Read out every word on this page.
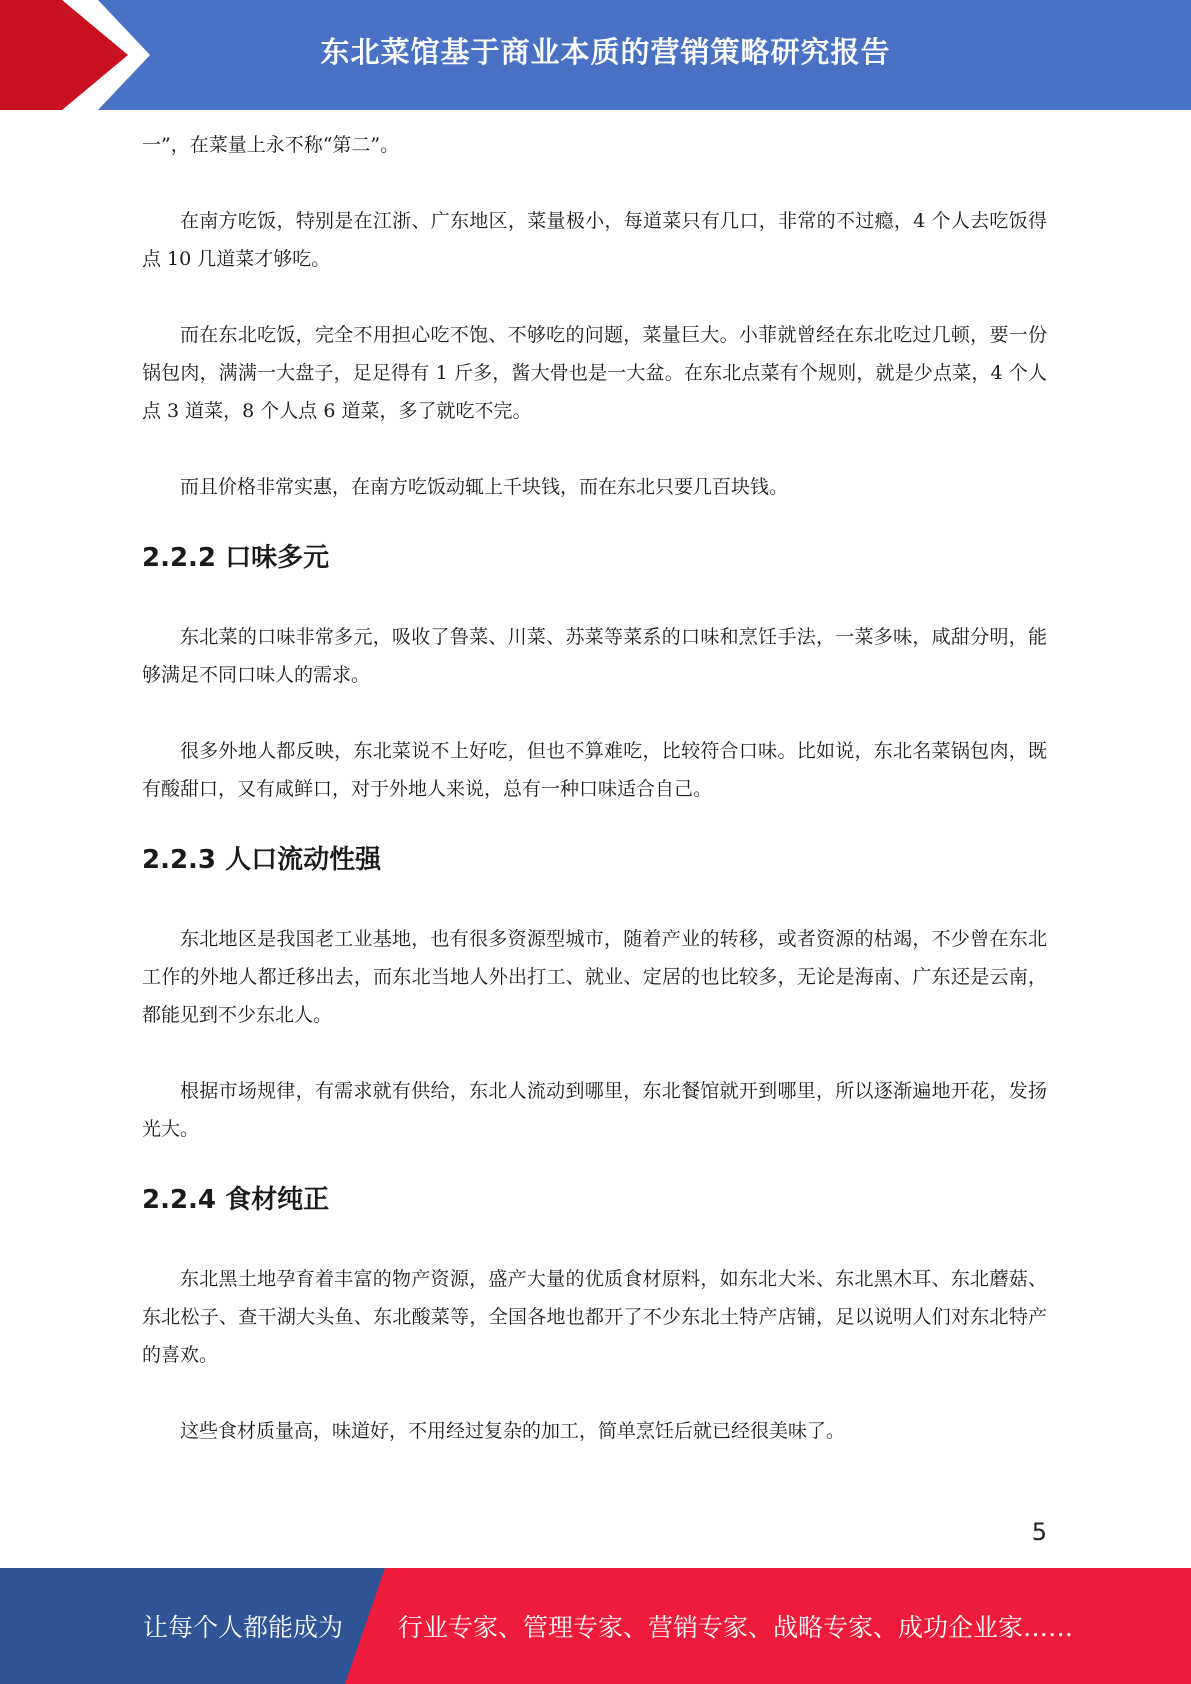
东北菜馆基于商业本质的营销策略研究报告

一”，在菜量上永不称“第二”。

在南方吃饭，特别是在江浙、广东地区，菜量极小，每道菜只有几口，非常的不过瘾，4 个人去吃饭得点 10 几道菜才够吃。

而在东北吃饭，完全不用担心吃不饱、不够吃的问题，菜量巨大。小菲就曾经在东北吃过几顿，要一份锅包肉，满满一大盘子，足足得有 1 斤多，酱大骨也是一大盆。在东北点菜有个规则，就是少点菜，4 个人点 3 道菜，8 个人点 6 道菜，多了就吃不完。

而且价格非常实惠，在南方吃饭动辄上千块钱，而在东北只要几百块钱。

2.2.2 口味多元

东北菜的口味非常多元，吸收了鲁菜、川菜、苏菜等菜系的口味和烹饪手法，一菜多味，咸甜分明，能够满足不同口味人的需求。

很多外地人都反映，东北菜说不上好吃，但也不算难吃，比较符合口味。比如说，东北名菜锅包肉，既有酸甜口，又有咸鲜口，对于外地人来说，总有一种口味适合自己。

2.2.3 人口流动性强

东北地区是我国老工业基地，也有很多资源型城市，随着产业的转移，或者资源的枯竭，不少曾在东北工作的外地人都迁移出去，而东北当地人外出打工、就业、定居的也比较多，无论是海南、广东还是云南，都能见到不少东北人。

根据市场规律，有需求就有供给，东北人流动到哪里，东北餐馆就开到哪里，所以逐渐遍地开花，发扬光大。

2.2.4 食材纯正

东北黑土地孕育着丰富的物产资源，盛产大量的优质食材原料，如东北大米、东北黑木耳、东北蘑菇、东北松子、查干湖大头鱼、东北酸菜等，全国各地也都开了不少东北土特产店铺，足以说明人们对东北特产的喜欢。

这些食材质量高，味道好，不用经过复杂的加工，简单烹饪后就已经很美味了。

5
让每个人都能成为 行业专家、管理专家、营销专家、战略专家、成功企业家……
